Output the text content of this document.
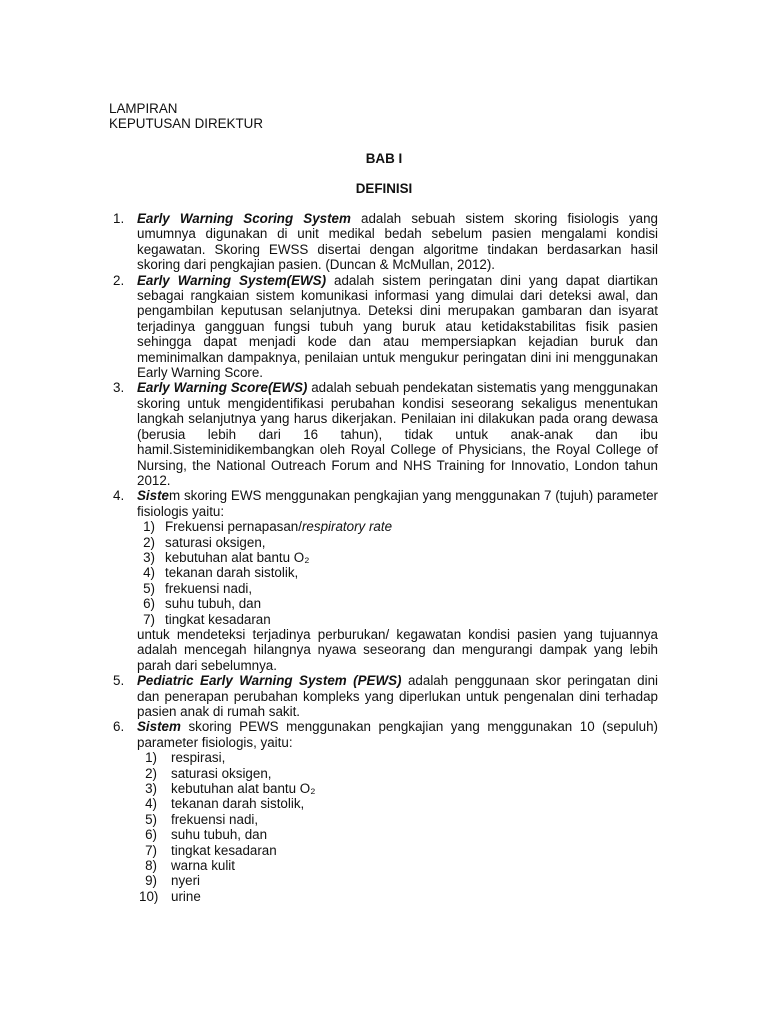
LAMPIRAN
KEPUTUSAN DIREKTUR
BAB I
DEFINISI
1. Early Warning Scoring System adalah sebuah sistem skoring fisiologis yang umumnya digunakan di unit medikal bedah sebelum pasien mengalami kondisi kegawatan. Skoring EWSS disertai dengan algoritme tindakan berdasarkan hasil skoring dari pengkajian pasien. (Duncan & McMullan, 2012).
2. Early Warning System(EWS) adalah sistem peringatan dini yang dapat diartikan sebagai rangkaian sistem komunikasi informasi yang dimulai dari deteksi awal, dan pengambilan keputusan selanjutnya. Deteksi dini merupakan gambaran dan isyarat terjadinya gangguan fungsi tubuh yang buruk atau ketidakstabilitas fisik pasien sehingga dapat menjadi kode dan atau mempersiapkan kejadian buruk dan meminimalkan dampaknya, penilaian untuk mengukur peringatan dini ini menggunakan Early Warning Score.
3. Early Warning Score(EWS) adalah sebuah pendekatan sistematis yang menggunakan skoring untuk mengidentifikasi perubahan kondisi seseorang sekaligus menentukan langkah selanjutnya yang harus dikerjakan. Penilaian ini dilakukan pada orang dewasa (berusia lebih dari 16 tahun), tidak untuk anak-anak dan ibu hamil.Sisteminidikembangkan oleh Royal College of Physicians, the Royal College of Nursing, the National Outreach Forum and NHS Training for Innovatio, London tahun 2012.
4. Sistem skoring EWS menggunakan pengkajian yang menggunakan 7 (tujuh) parameter fisiologis yaitu:
1) Frekuensi pernapasan/respiratory rate
2) saturasi oksigen,
3) kebutuhan alat bantu O₂
4) tekanan darah sistolik,
5) frekuensi nadi,
6) suhu tubuh, dan
7) tingkat kesadaran
untuk mendeteksi terjadinya perburukan/ kegawatan kondisi pasien yang tujuannya adalah mencegah hilangnya nyawa seseorang dan mengurangi dampak yang lebih parah dari sebelumnya.
5. Pediatric Early Warning System (PEWS) adalah penggunaan skor peringatan dini dan penerapan perubahan kompleks yang diperlukan untuk pengenalan dini terhadap pasien anak di rumah sakit.
6. Sistem skoring PEWS menggunakan pengkajian yang menggunakan 10 (sepuluh) parameter fisiologis, yaitu:
1) respirasi,
2) saturasi oksigen,
3) kebutuhan alat bantu O₂
4) tekanan darah sistolik,
5) frekuensi nadi,
6) suhu tubuh, dan
7) tingkat kesadaran
8) warna kulit
9) nyeri
10) urine
